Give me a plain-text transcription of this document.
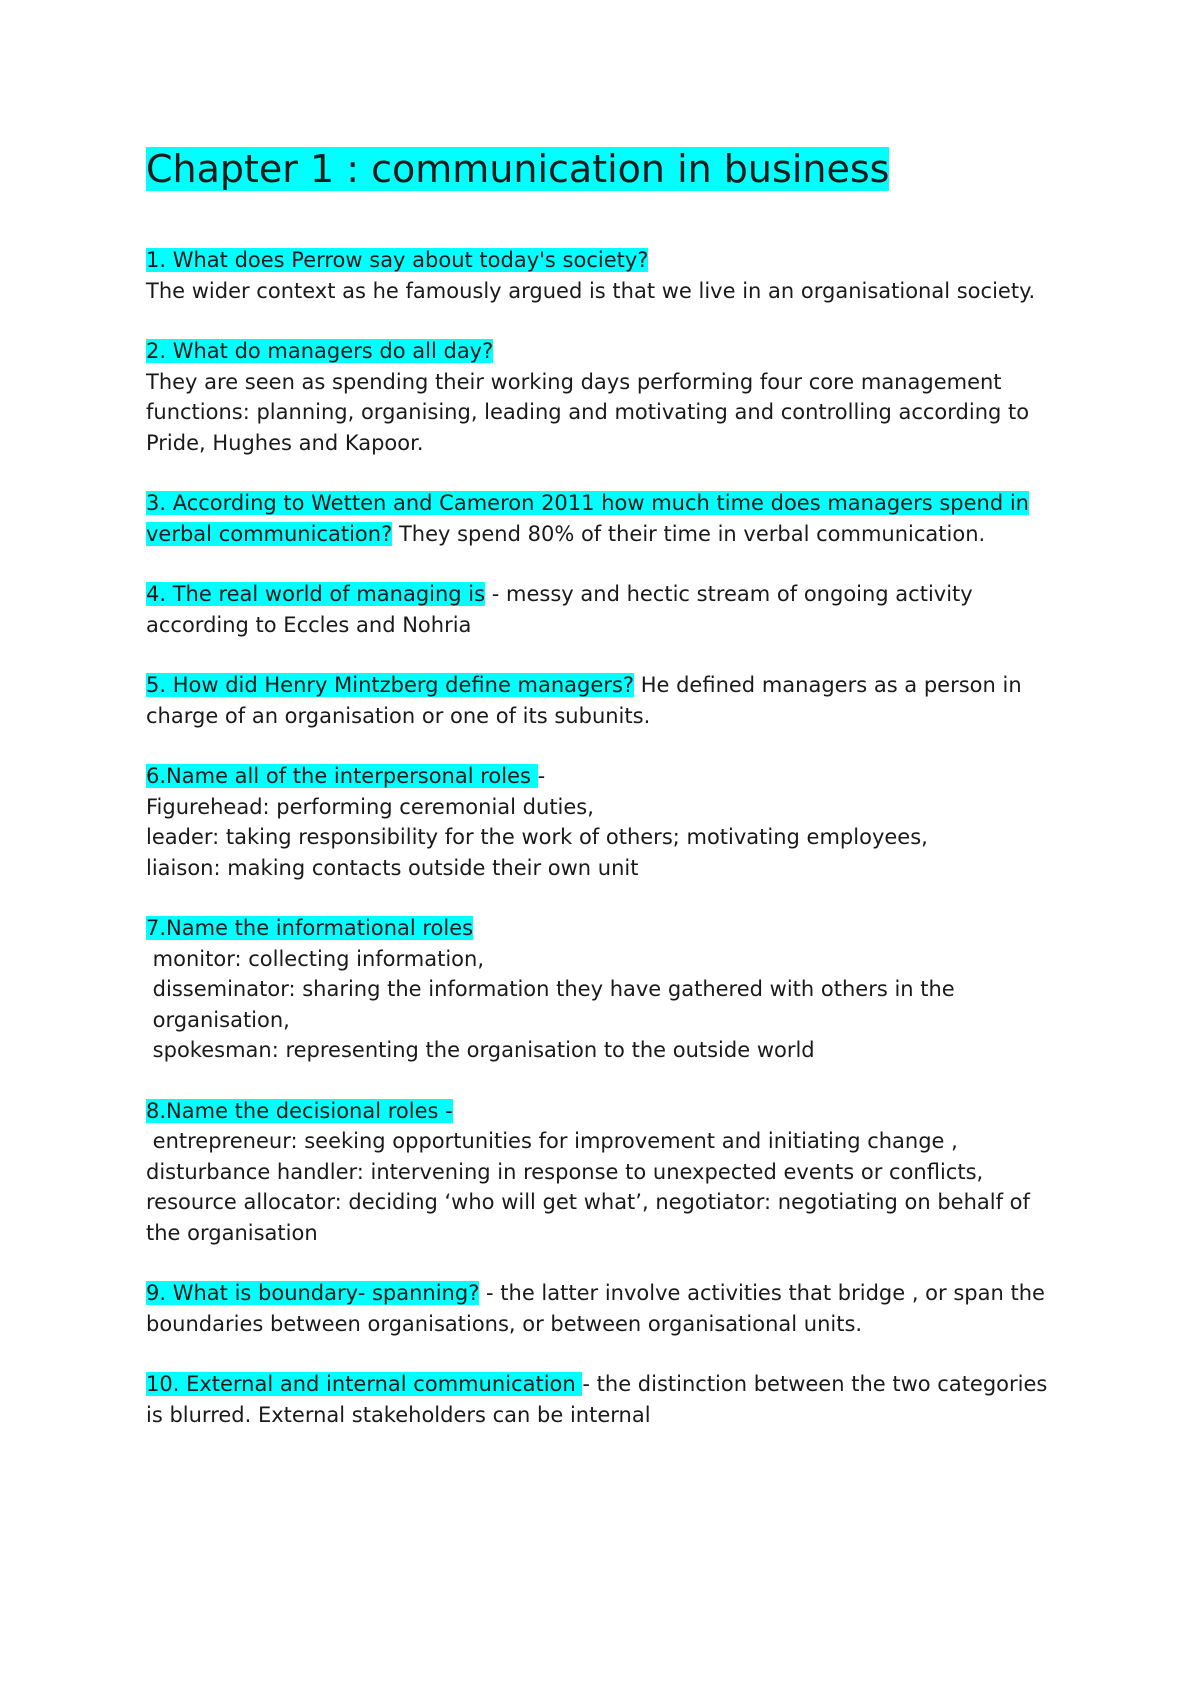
Chapter 1 : communication in business

1. What does Perrow say about today's society?

The wider context as he famously argued is that we live in an organisational society.

2. What do managers do all day?

They are seen as spending their working days performing four core management functions: planning, organising, leading and motivating and controlling according to Pride, Hughes and Kapoor.

3. According to Wetten and Cameron 2011 how much time does managers spend in verbal communication? They spend 80% of their time in verbal communication.

4. The real world of managing is - messy and hectic stream of ongoing activity according to Eccles and Nohria

5. How did Henry Mintzberg define managers? He defined managers as a person in charge of an organisation or one of its subunits.

6.Name all of the interpersonal roles -

Figurehead: performing ceremonial duties,

leader: taking responsibility for the work of others; motivating employees,

liaison: making contacts outside their own unit

7.Name the informational roles

monitor: collecting information,

disseminator: sharing the information they have gathered with others in the  organisation,

spokesman: representing the organisation to the outside world

8.Name the decisional roles -

entrepreneur: seeking opportunities for improvement and initiating change , disturbance handler: intervening in response to unexpected events or conflicts, resource allocator: deciding ‘who will get what’, negotiator: negotiating on behalf of the organisation

9. What is boundary- spanning? - the latter involve activities that bridge , or span the boundaries between organisations, or between organisational units.

10. External and internal communication - the distinction between the two categories is blurred. External stakeholders can be internal
